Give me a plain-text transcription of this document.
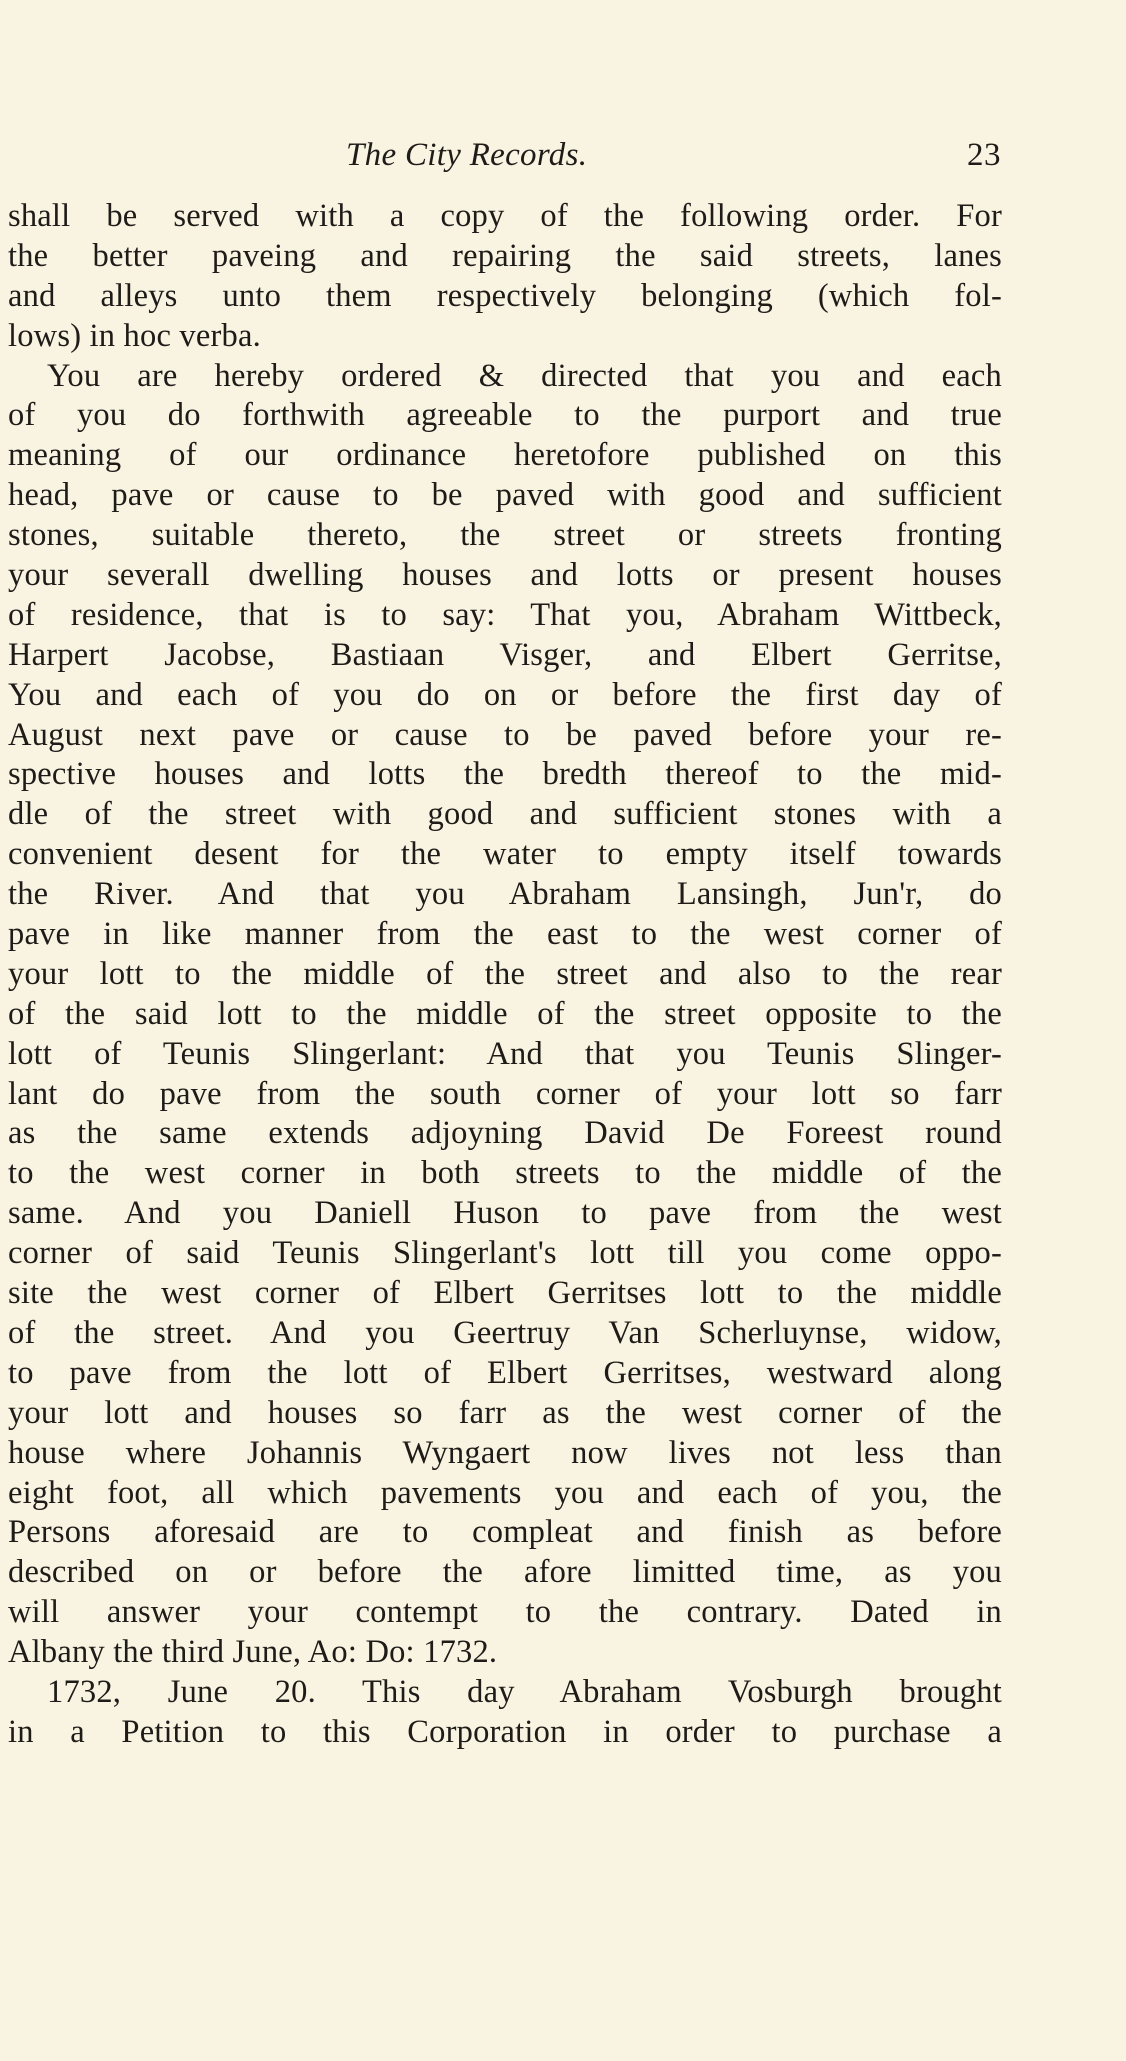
The City Records.	23
shall be served with a copy of the following order. For
the better paveing and repairing the said streets, lanes
and alleys unto them respectively belonging (which fol-
lows) in hoc verba.
You are hereby ordered & directed that you and each
of you do forthwith agreeable to the purport and true
meaning of our ordinance heretofore published on this
head, pave or cause to be paved with good and sufficient
stones, suitable thereto, the street or streets fronting
your severall dwelling houses and lotts or present houses
of residence, that is to say: That you, Abraham Wittbeck,
Harpert Jacobse, Bastiaan Visger, and Elbert Gerritse,
You and each of you do on or before the first day of
August next pave or cause to be paved before your re-
spective houses and lotts the bredth thereof to the mid-
dle of the street with good and sufficient stones with a
convenient desent for the water to empty itself towards
the River. And that you Abraham Lansingh, Jun'r, do
pave in like manner from the east to the west corner of
your lott to the middle of the street and also to the rear
of the said lott to the middle of the street opposite to the
lott of Teunis Slingerlant: And that you Teunis Slinger-
lant do pave from the south corner of your lott so farr
as the same extends adjoyning David De Foreest round
to the west corner in both streets to the middle of the
same. And you Daniell Huson to pave from the west
corner of said Teunis Slingerlant's lott till you come oppo-
site the west corner of Elbert Gerritses lott to the middle
of the street. And you Geertruy Van Scherluynse, widow,
to pave from the lott of Elbert Gerritses, westward along
your lott and houses so farr as the west corner of the
house where Johannis Wyngaert now lives not less than
eight foot, all which pavements you and each of you, the
Persons aforesaid are to compleat and finish as before
described on or before the afore limitted time, as you
will answer your contempt to the contrary. Dated in
Albany the third June, Ao: Do: 1732.
1732, June 20. This day Abraham Vosburgh brought
in a Petition to this Corporation in order to purchase a
